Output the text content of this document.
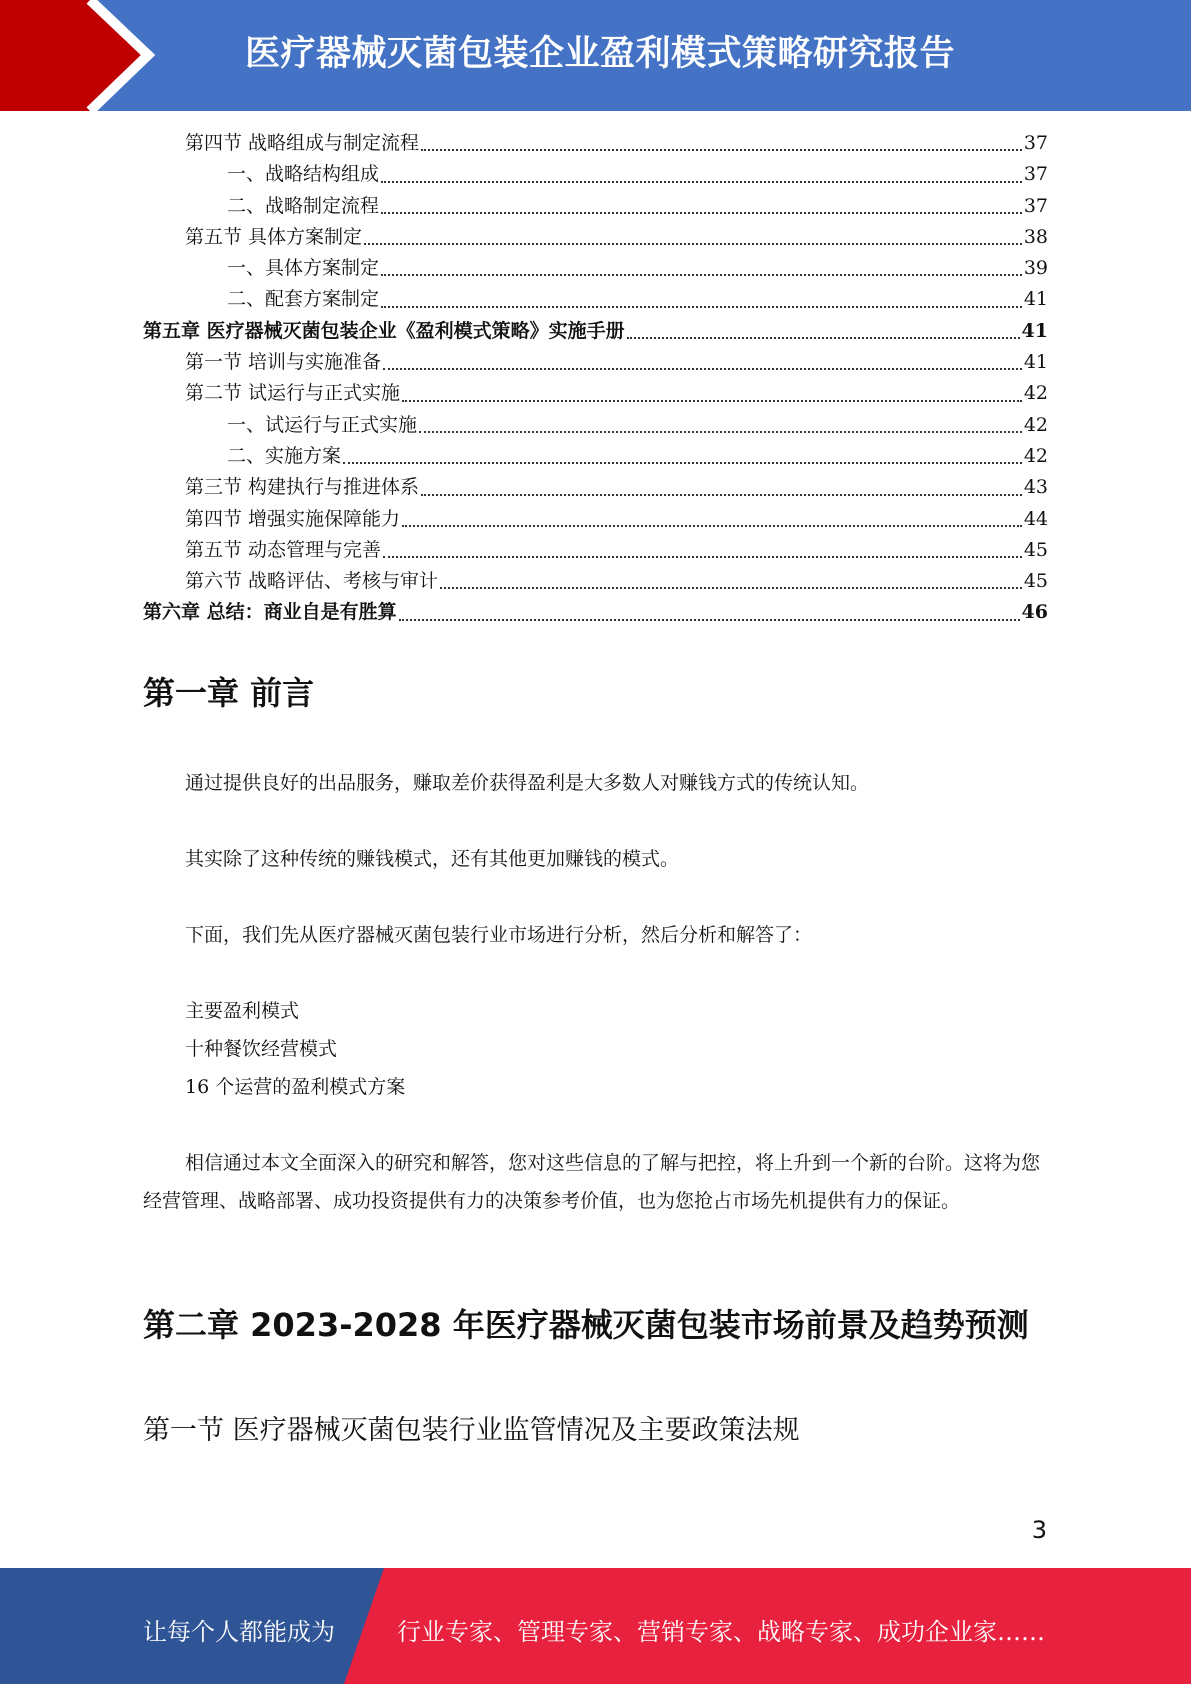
医疗器械灭菌包装企业盈利模式策略研究报告
第四节 战略组成与制定流程	37
一、战略结构组成	37
二、战略制定流程	37
第五节 具体方案制定	38
一、具体方案制定	39
二、配套方案制定	41
第五章 医疗器械灭菌包装企业《盈利模式策略》实施手册	41
第一节 培训与实施准备	41
第二节 试运行与正式实施	42
一、试运行与正式实施	42
二、实施方案	42
第三节 构建执行与推进体系	43
第四节 增强实施保障能力	44
第五节 动态管理与完善	45
第六节 战略评估、考核与审计	45
第六章 总结：商业自是有胜算	46
第一章 前言
通过提供良好的出品服务，赚取差价获得盈利是大多数人对赚钱方式的传统认知。
其实除了这种传统的赚钱模式，还有其他更加赚钱的模式。
下面，我们先从医疗器械灭菌包装行业市场进行分析，然后分析和解答了：
主要盈利模式
十种餐饮经营模式
16 个运营的盈利模式方案
相信通过本文全面深入的研究和解答，您对这些信息的了解与把控，将上升到一个新的台阶。这将为您经营管理、战略部署、成功投资提供有力的决策参考价值，也为您抢占市场先机提供有力的保证。
第二章 2023-2028 年医疗器械灭菌包装市场前景及趋势预测
第一节 医疗器械灭菌包装行业监管情况及主要政策法规
3
让每个人都能成为	行业专家、管理专家、营销专家、战略专家、成功企业家……
